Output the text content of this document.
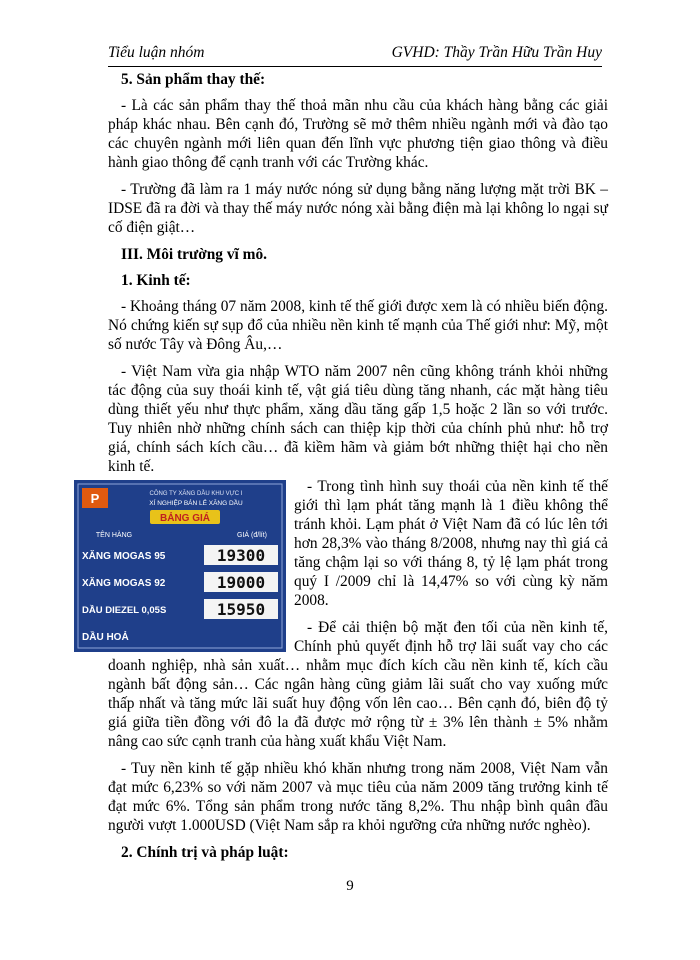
Tiểu luận nhóm	GVHD: Thầy Trần Hữu Trần Huy

5. Sản phẩm thay thế:

- Là các sản phẩm thay thế thoả mãn nhu cầu của khách hàng bằng các giải pháp khác nhau. Bên cạnh đó, Trường sẽ mở thêm nhiều ngành mới và đào tạo các chuyên ngành mới liên quan đến lĩnh vực phương tiện giao thông và điều hành giao thông để cạnh tranh với các Trường khác.

- Trường đã làm ra 1 máy nước nóng sử dụng bằng năng lượng mặt trời BK – IDSE đã ra đời và thay thế máy nước nóng xài bằng điện mà lại không lo ngại sự cố điện giật…

III. Môi trường vĩ mô.

1. Kinh tế:

- Khoảng tháng 07 năm 2008, kinh tế thế giới được xem là có nhiều biến động. Nó chứng kiến sự sụp đổ của nhiều nền kinh tế mạnh của Thế giới như: Mỹ, một số nước Tây và Đông Âu,…

- Việt Nam vừa gia nhập WTO năm 2007 nên cũng không tránh khỏi những tác động của suy thoái kinh tế, vật giá tiêu dùng tăng nhanh, các mặt hàng tiêu dùng thiết yếu như thực phẩm, xăng dầu tăng gấp 1,5 hoặc 2 lần so với trước. Tuy nhiên nhờ những chính sách can thiệp kịp thời của chính phủ như: hỗ trợ giá, chính sách kích cầu… đã kiềm hãm và giảm bớt những thiệt hại cho nền kinh tế.

P	CÔNG TY XĂNG DẦU KHU VỰC I
XÍ NGHIỆP BÁN LẺ XĂNG DẦU
BẢNG GIÁ
TÊN HÀNG	GIÁ (đ/lít)
XĂNG MOGAS 95	19300
XĂNG MOGAS 92	19000
DẦU DIEZEL 0,05S	15950
DẦU HOẢ

- Trong tình hình suy thoái của nền kinh tế thế giới thì lạm phát tăng mạnh là 1 điều không thể tránh khỏi. Lạm phát ở Việt Nam đã có lúc lên tới hơn 28,3% vào tháng 8/2008, nhưng nay thì giá cả tăng chậm lại so với tháng 8, tỷ lệ lạm phát trong quý I /2009 chỉ là 14,47% so với cùng kỳ năm 2008.

- Để cải thiện bộ mặt đen tối của nền kinh tế, Chính phủ quyết định hỗ trợ lãi suất vay cho các doanh nghiệp, nhà sản xuất… nhằm mục đích kích cầu nền kinh tế, kích cầu ngành bất động sản… Các ngân hàng cũng giảm lãi suất cho vay xuống mức thấp nhất và tăng mức lãi suất huy động vốn lên cao… Bên cạnh đó, biên độ tỷ giá giữa tiền đồng với đô la đã được mở rộng từ ± 3% lên thành ± 5% nhằm nâng cao sức cạnh tranh của hàng xuất khẩu Việt Nam.

- Tuy nền kinh tế gặp nhiều khó khăn nhưng trong năm 2008, Việt Nam vẫn đạt mức 6,23% so với năm 2007 và mục tiêu của năm 2009 tăng trưởng kinh tế đạt mức 6%. Tổng sản phẩm trong nước tăng 8,2%. Thu nhập bình quân đầu người vượt 1.000USD (Việt Nam sắp ra khỏi ngưỡng cửa những nước nghèo).

2. Chính trị và pháp luật:

9
